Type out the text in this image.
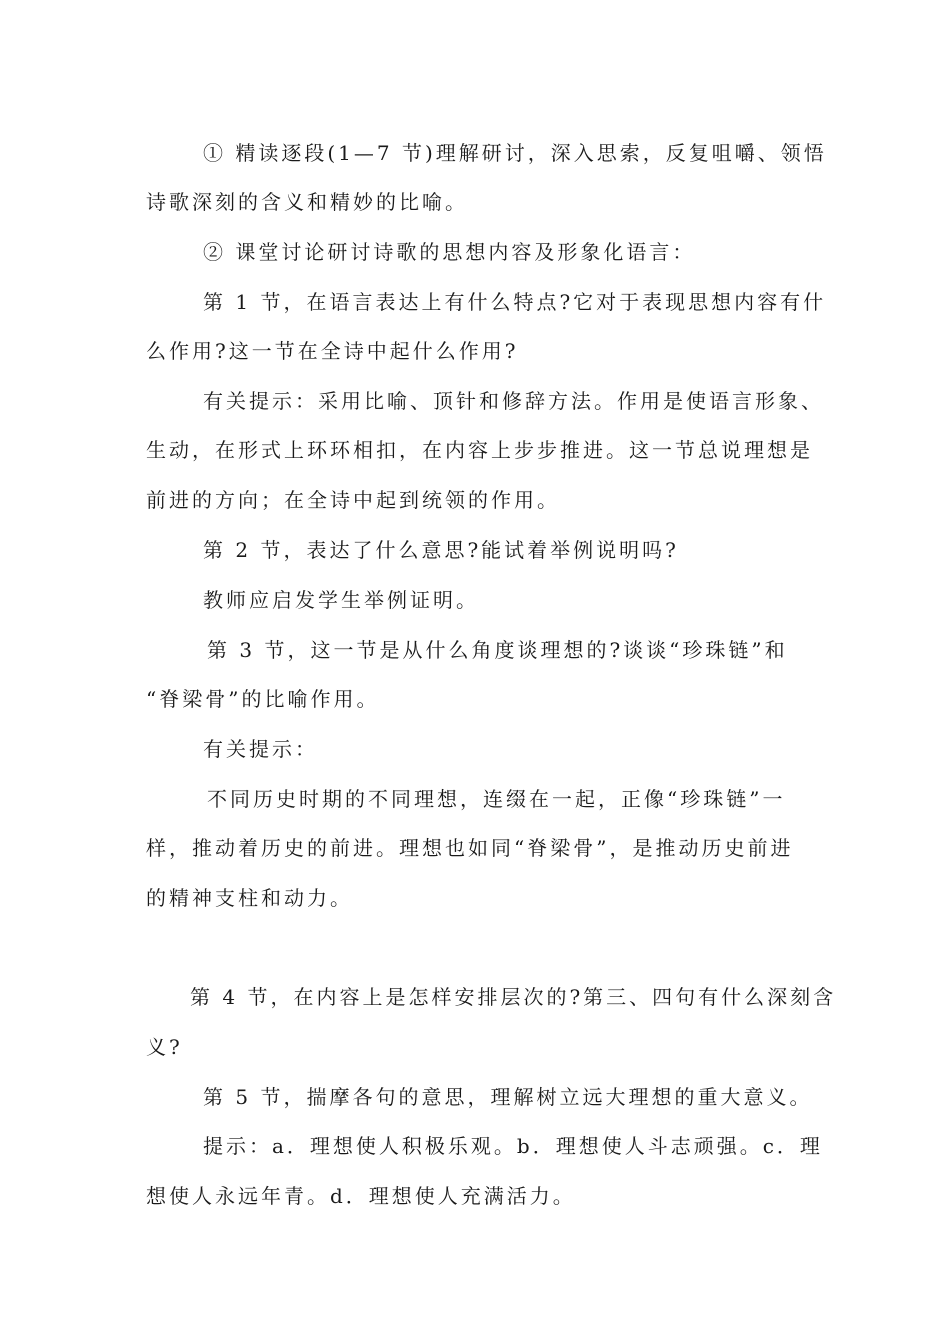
① 精读逐段(1—7 节)理解研讨，深入思索，反复咀嚼、领悟
诗歌深刻的含义和精妙的比喻。
② 课堂讨论研讨诗歌的思想内容及形象化语言：
第 1 节，在语言表达上有什么特点?它对于表现思想内容有什
么作用?这一节在全诗中起什么作用?
有关提示：采用比喻、顶针和修辞方法。作用是使语言形象、
生动，在形式上环环相扣，在内容上步步推进。这一节总说理想是
前进的方向；在全诗中起到统领的作用。
第 2 节，表达了什么意思?能试着举例说明吗?
教师应启发学生举例证明。
第 3 节，这一节是从什么角度谈理想的?谈谈“珍珠链”和
“脊梁骨”的比喻作用。
有关提示：
不同历史时期的不同理想，连缀在一起，正像“珍珠链”一
样，推动着历史的前进。理想也如同“脊梁骨”，是推动历史前进
的精神支柱和动力。
第 4 节，在内容上是怎样安排层次的?第三、四句有什么深刻含
义?
第 5 节，揣摩各句的意思，理解树立远大理想的重大意义。
提示：a．理想使人积极乐观。b．理想使人斗志顽强。c．理
想使人永远年青。d．理想使人充满活力。
